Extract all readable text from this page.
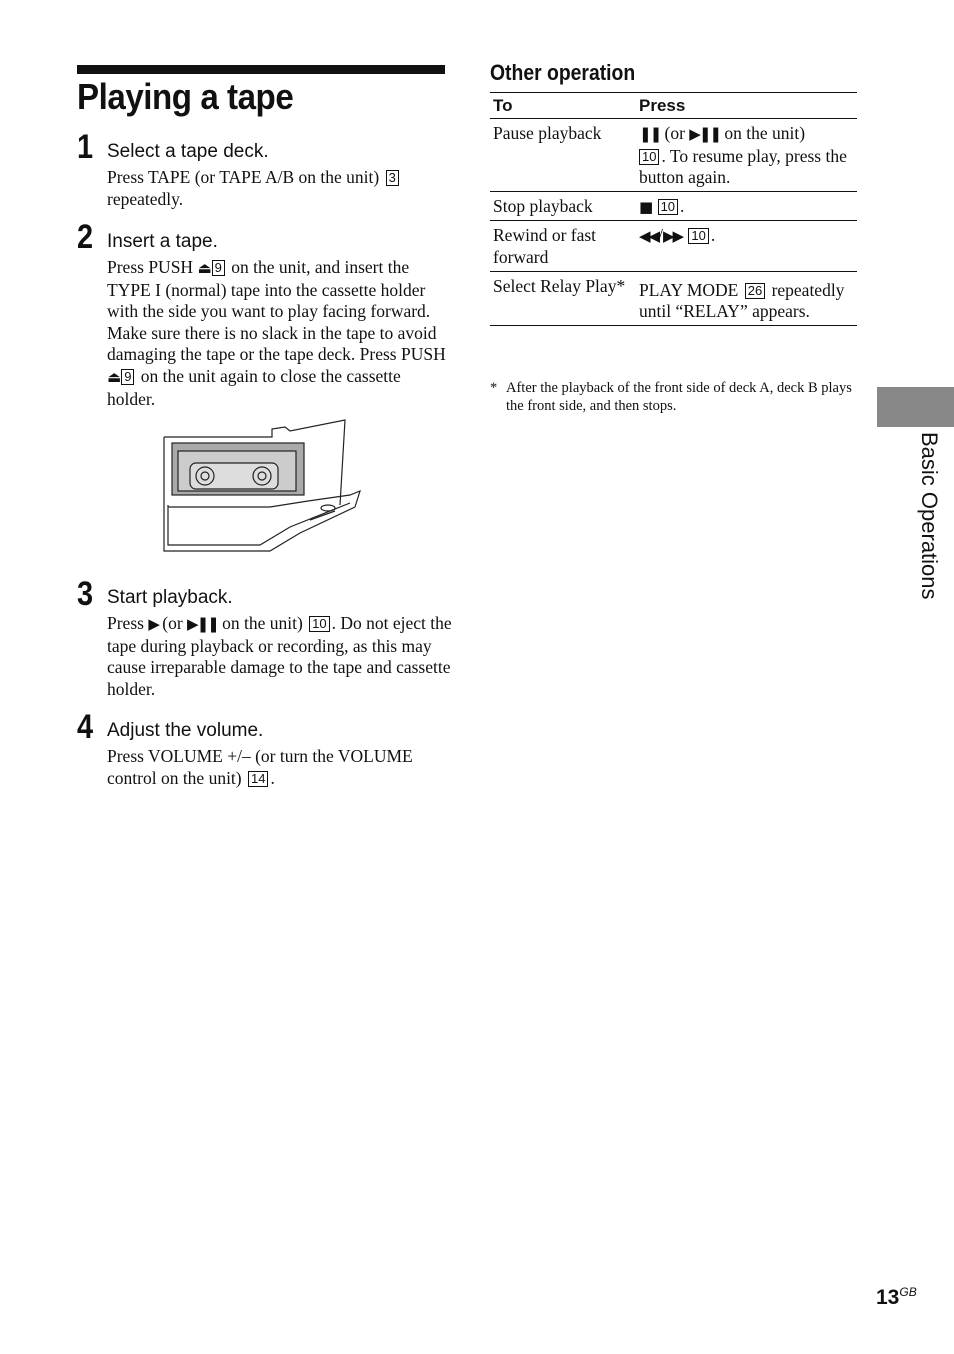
Playing a tape
1 Select a tape deck.
Press TAPE (or TAPE A/B on the unit) 3 repeatedly.
2 Insert a tape.
Press PUSH ⏏ 9 on the unit, and insert the TYPE I (normal) tape into the cassette holder with the side you want to play facing forward. Make sure there is no slack in the tape to avoid damaging the tape or the tape deck. Press PUSH ⏏ 9 on the unit again to close the cassette holder.
3 Start playback.
Press ▶ (or ▶❚❚ on the unit) 10 . Do not eject the tape during playback or recording, as this may cause irreparable damage to the tape and cassette holder.
4 Adjust the volume.
Press VOLUME +/– (or turn the VOLUME control on the unit) 14 .
Other operation
To	Press
Pause playback	❚❚ (or ▶❚❚ on the unit)
10 . To resume play, press the button again.
Stop playback	■ 10 .
Rewind or fast forward	◀◀/▶▶ 10 .
Select Relay Play*	PLAY MODE 26 repeatedly until “RELAY” appears.
* After the playback of the front side of deck A, deck B plays the front side, and then stops.
Basic Operations
$13^{GB}$
